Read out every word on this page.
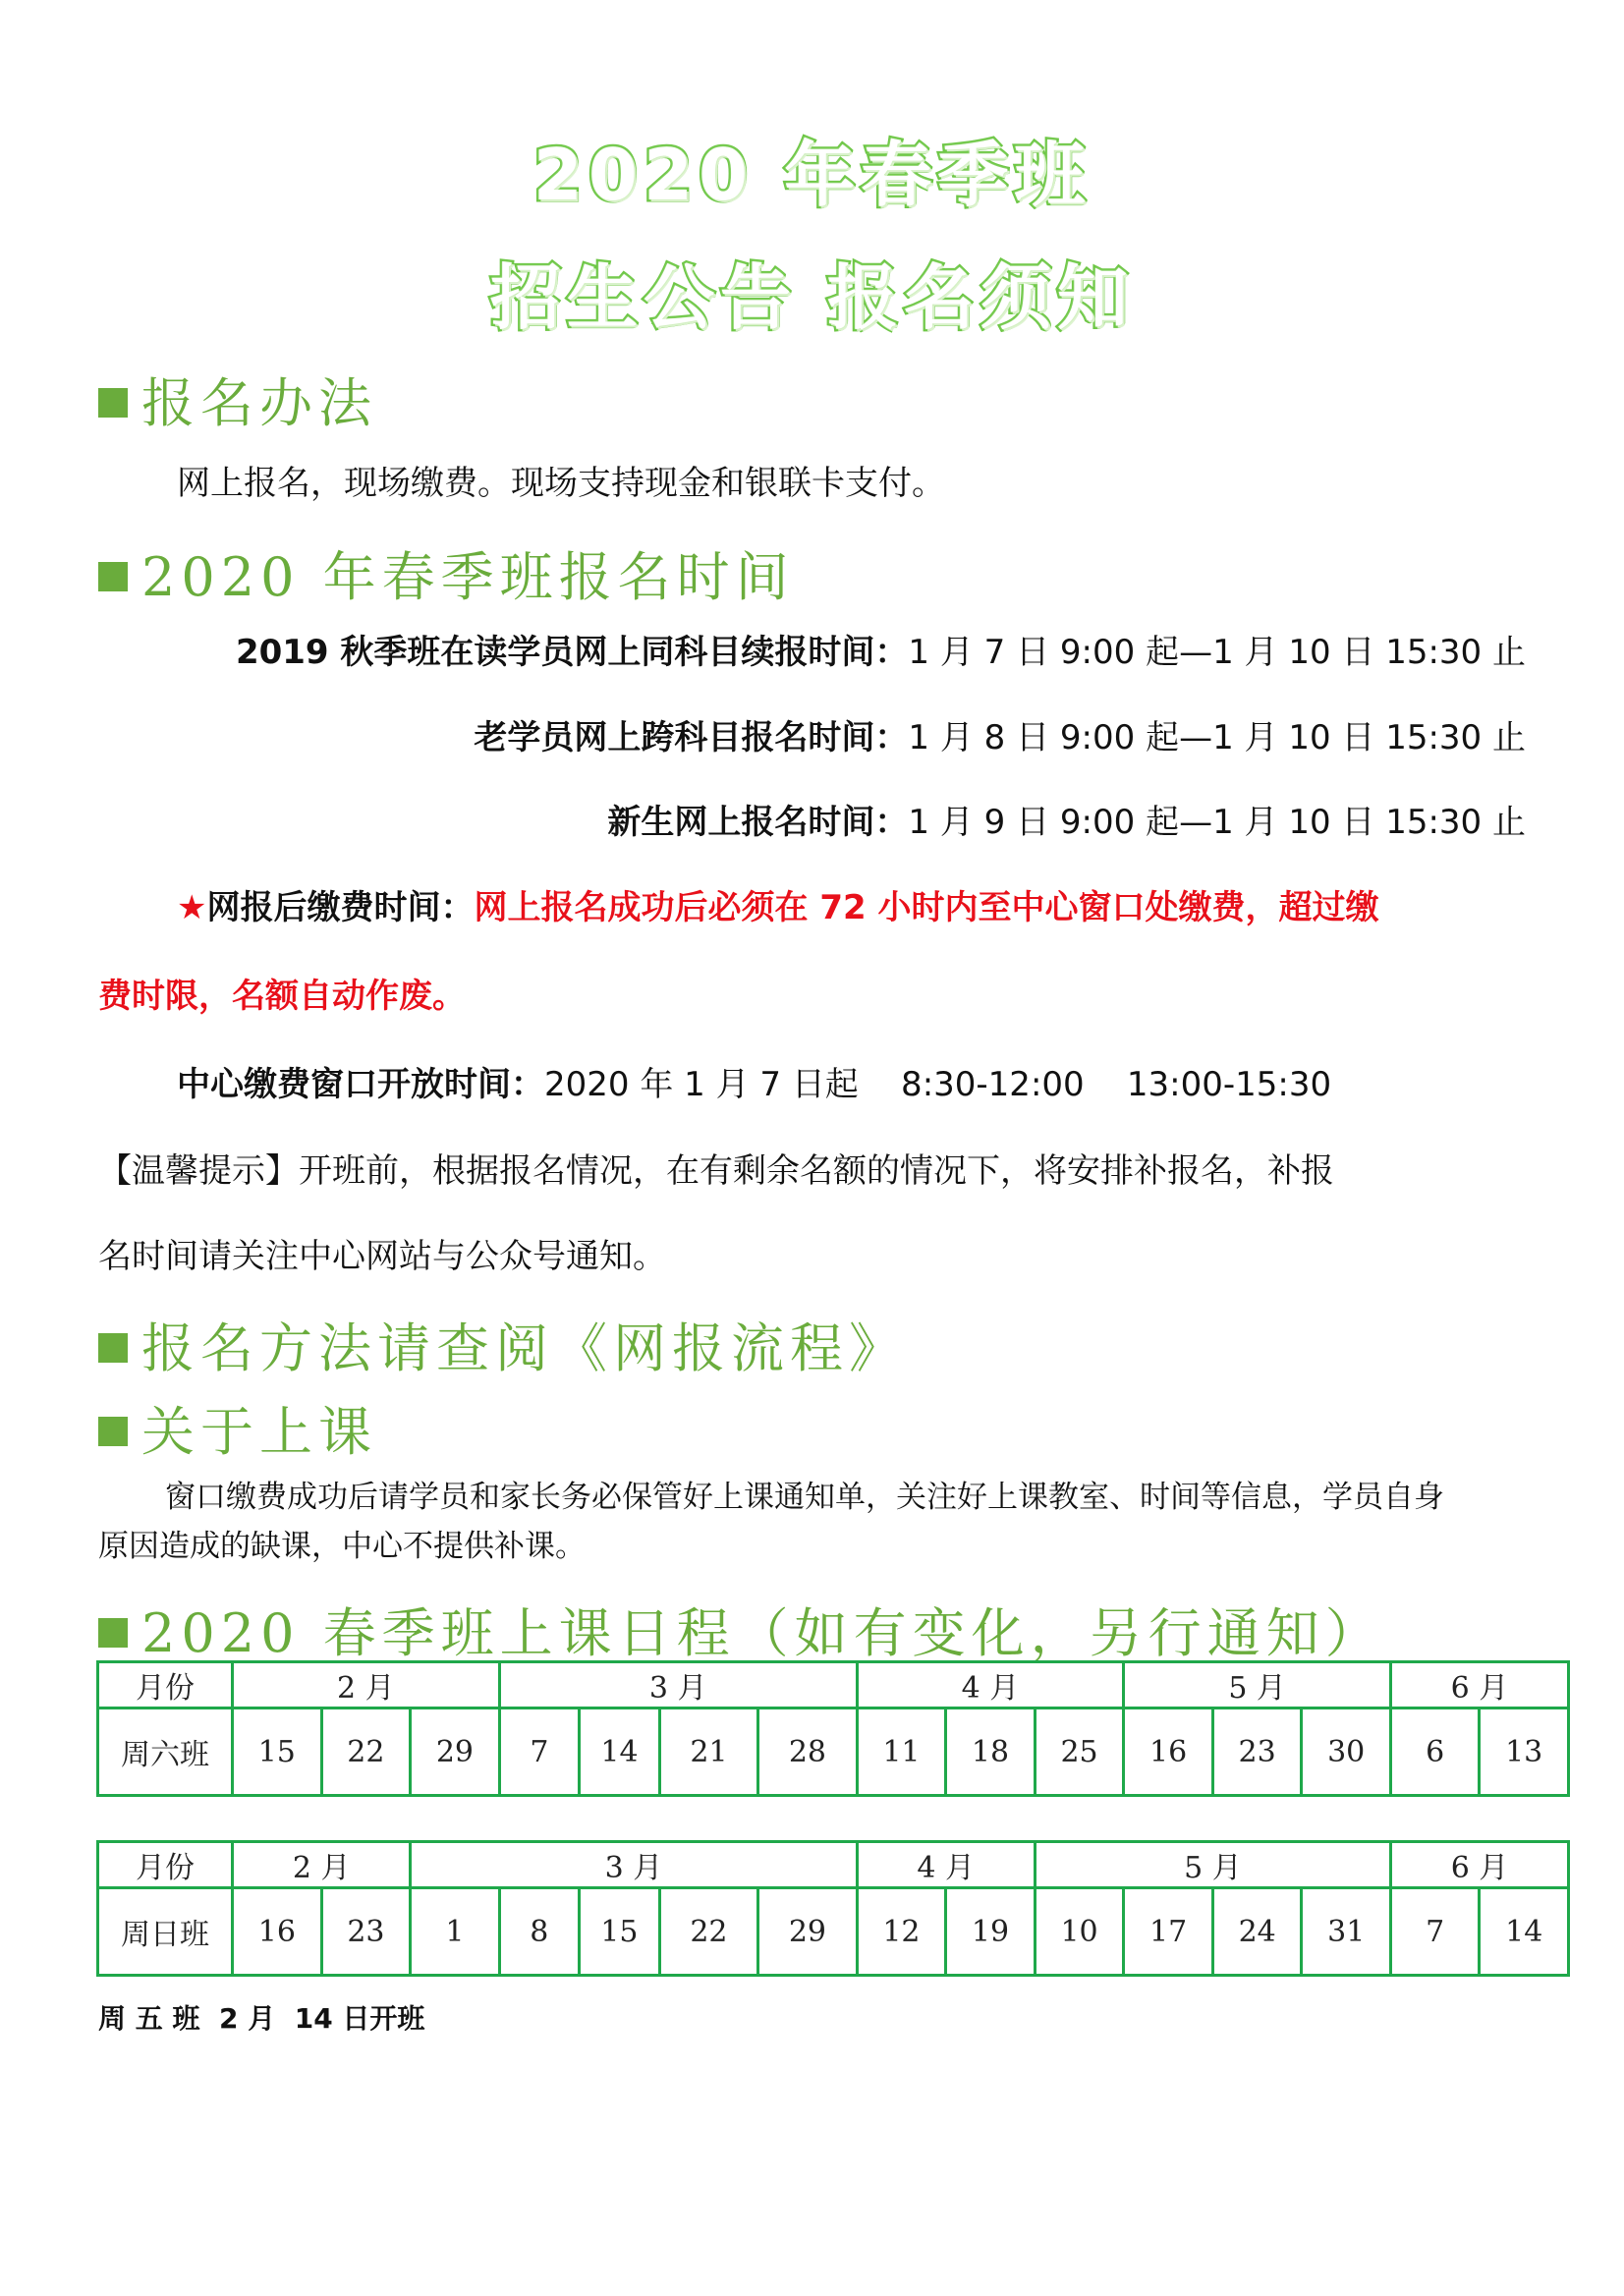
2020 年春季班
招生公告 报名须知
报名办法
网上报名，现场缴费。现场支持现金和银联卡支付。
2020 年春季班报名时间
2019 秋季班在读学员网上同科目续报时间：1 月 7 日 9:00 起—1 月 10 日 15:30 止
老学员网上跨科目报名时间：1 月 8 日 9:00 起—1 月 10 日 15:30 止
新生网上报名时间：1 月 9 日 9:00 起—1 月 10 日 15:30 止
★网报后缴费时间：网上报名成功后必须在 72 小时内至中心窗口处缴费，超过缴
费时限，名额自动作废。
中心缴费窗口开放时间：2020 年 1 月 7 日起    8:30-12:00    13:00-15:30
【温馨提示】开班前，根据报名情况，在有剩余名额的情况下，将安排补报名，补报
名时间请关注中心网站与公众号通知。
报名方法请查阅《网报流程》
关于上课
窗口缴费成功后请学员和家长务必保管好上课通知单，关注好上课教室、时间等信息，学员自身
原因造成的缺课，中心不提供补课。
2020 春季班上课日程（如有变化，另行通知）
月份	2 月			3 月				4 月			5 月			6 月	
周六班	15	22	29	7	14	21	28	11	18	25	16	23	30	6	13
月份	2 月		3 月					4 月		5 月				6 月	
周日班	16	23	1	8	15	22	29	12	19	10	17	24	31	7	14
周 五 班  2 月  14 日开班
